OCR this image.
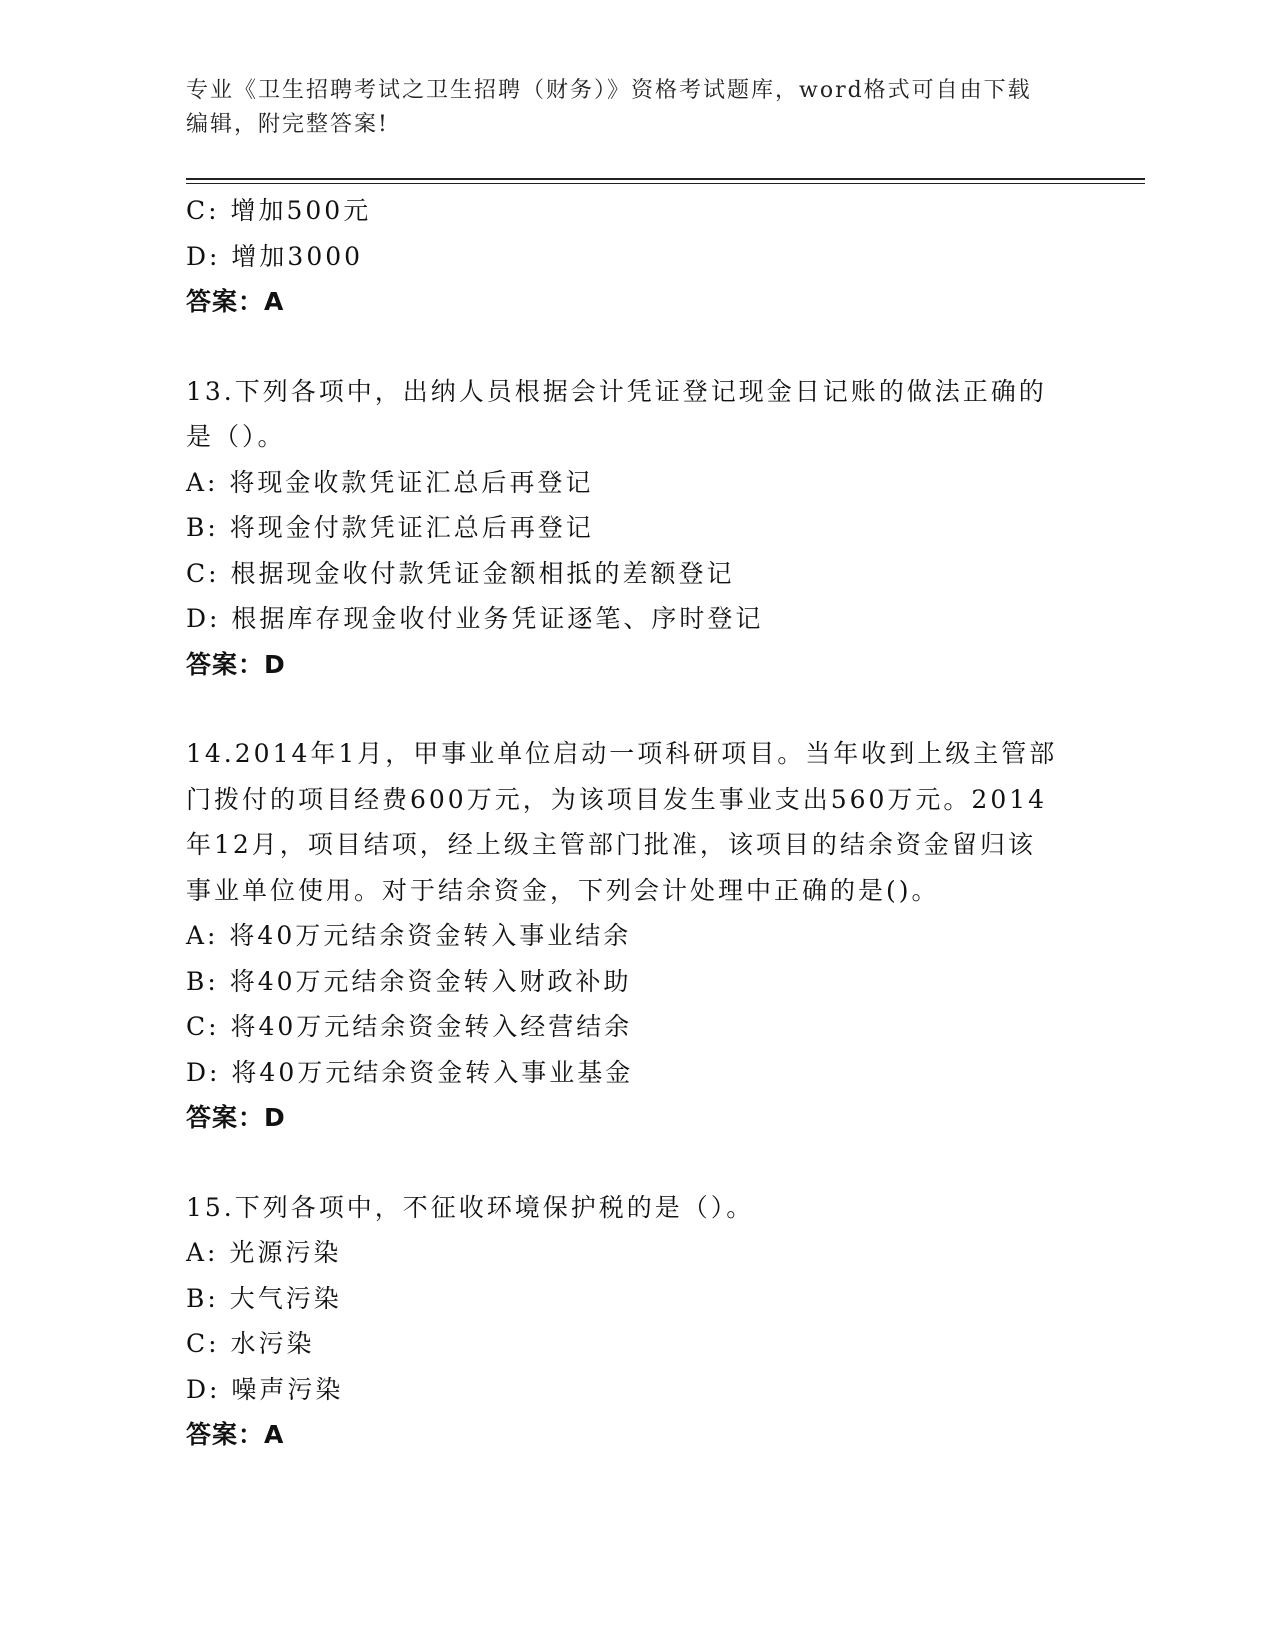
专业《卫生招聘考试之卫生招聘（财务）》资格考试题库，word格式可自由下载
编辑，附完整答案!
C: 增加500元
D: 增加3000
答案：A
13.下列各项中，出纳人员根据会计凭证登记现金日记账的做法正确的
是（）。
A: 将现金收款凭证汇总后再登记
B: 将现金付款凭证汇总后再登记
C: 根据现金收付款凭证金额相抵的差额登记
D: 根据库存现金收付业务凭证逐笔、序时登记
答案：D
14.2014年1月，甲事业单位启动一项科研项目。当年收到上级主管部
门拨付的项目经费600万元，为该项目发生事业支出560万元。2014
年12月，项目结项，经上级主管部门批准，该项目的结余资金留归该
事业单位使用。对于结余资金，下列会计处理中正确的是()。
A: 将40万元结余资金转入事业结余
B: 将40万元结余资金转入财政补助
C: 将40万元结余资金转入经营结余
D: 将40万元结余资金转入事业基金
答案：D
15.下列各项中，不征收环境保护税的是（）。
A: 光源污染
B: 大气污染
C: 水污染
D: 噪声污染
答案：A
